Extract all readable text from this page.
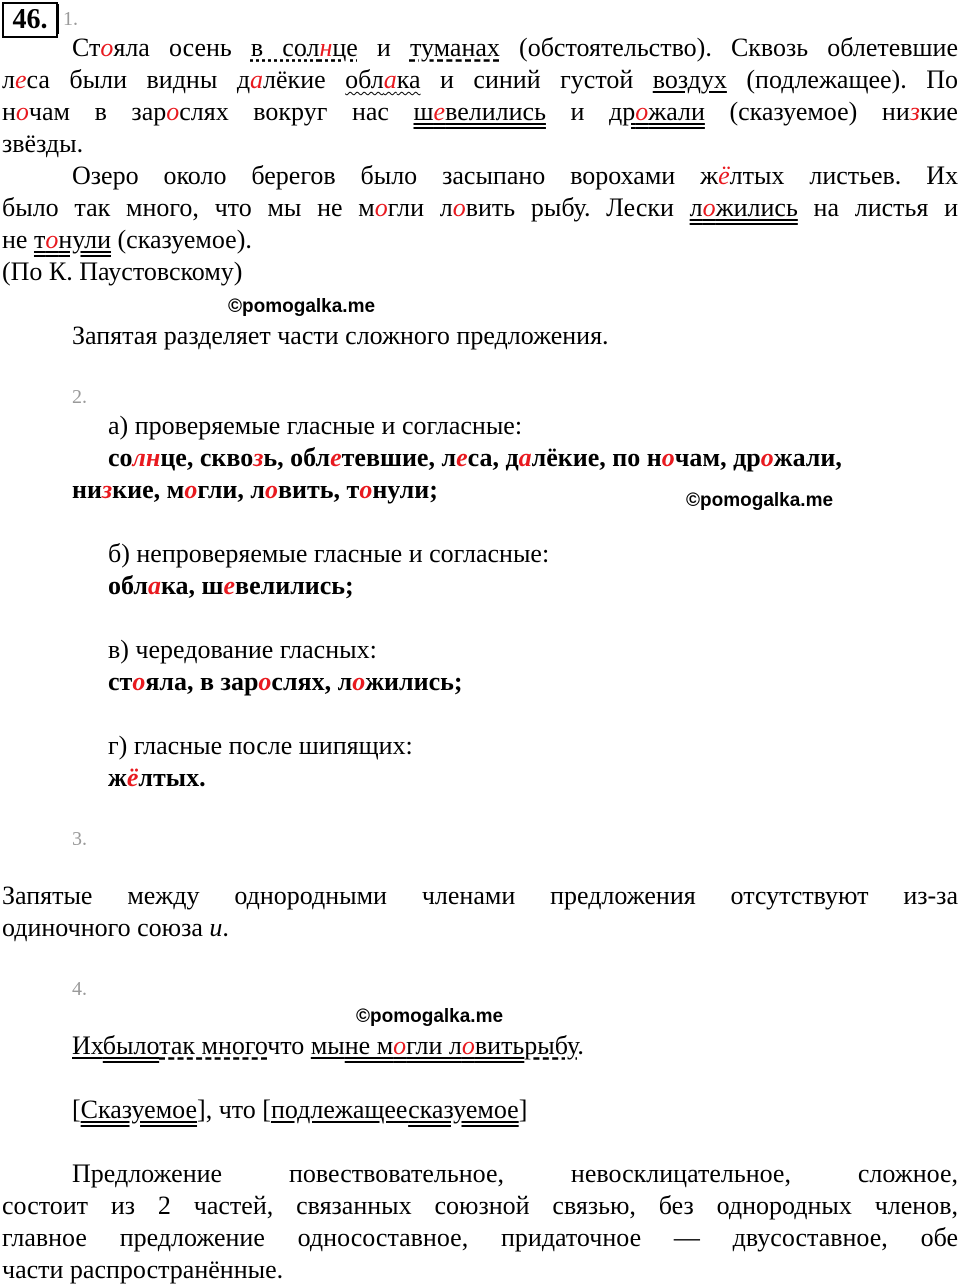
46. 1.
Стояла осень в солнце и туманах (обстоятельство). Сквозь облетевшие
леса были видны далёкие облака и синий густой воздух (подлежащее). По
ночам в зарослях вокруг нас шевелились и дрожали (сказуемое) низкие
звёзды.
Озеро около берегов было засыпано ворохами жёлтых листьев. Их
было так много, что мы не могли ловить рыбу. Лески ложились на листья и
не тонули (сказуемое).
(По К. Паустовскому)
©pomogalka.me
Запятая разделяет части сложного предложения.
2.
а) проверяемые гласные и согласные:
солнце, сквозь, облетевшие, леса, далёкие, по ночам, дрожали,
низкие, могли, ловить, тонули;	©pomogalka.me
б) непроверяемые гласные и согласные:
облака, шевелились;
в) чередование гласных:
стояла, в зарослях, ложились;
г) гласные после шипящих:
жёлтых.
3.
Запятые между однородными членами предложения отсутствуют из-за
одиночного союза и.
4.
©pomogalka.me
Ихбылотак многочто мыне могли ловитьрыбу.
[Сказуемое], что [подлежащеесказуемое]
Предложение повествовательное, невосклицательное, сложное,
состоит из 2 частей, связанных союзной связью, без однородных членов,
главное предложение односоставное, придаточное — двусоставное, обе
части распространённые.
